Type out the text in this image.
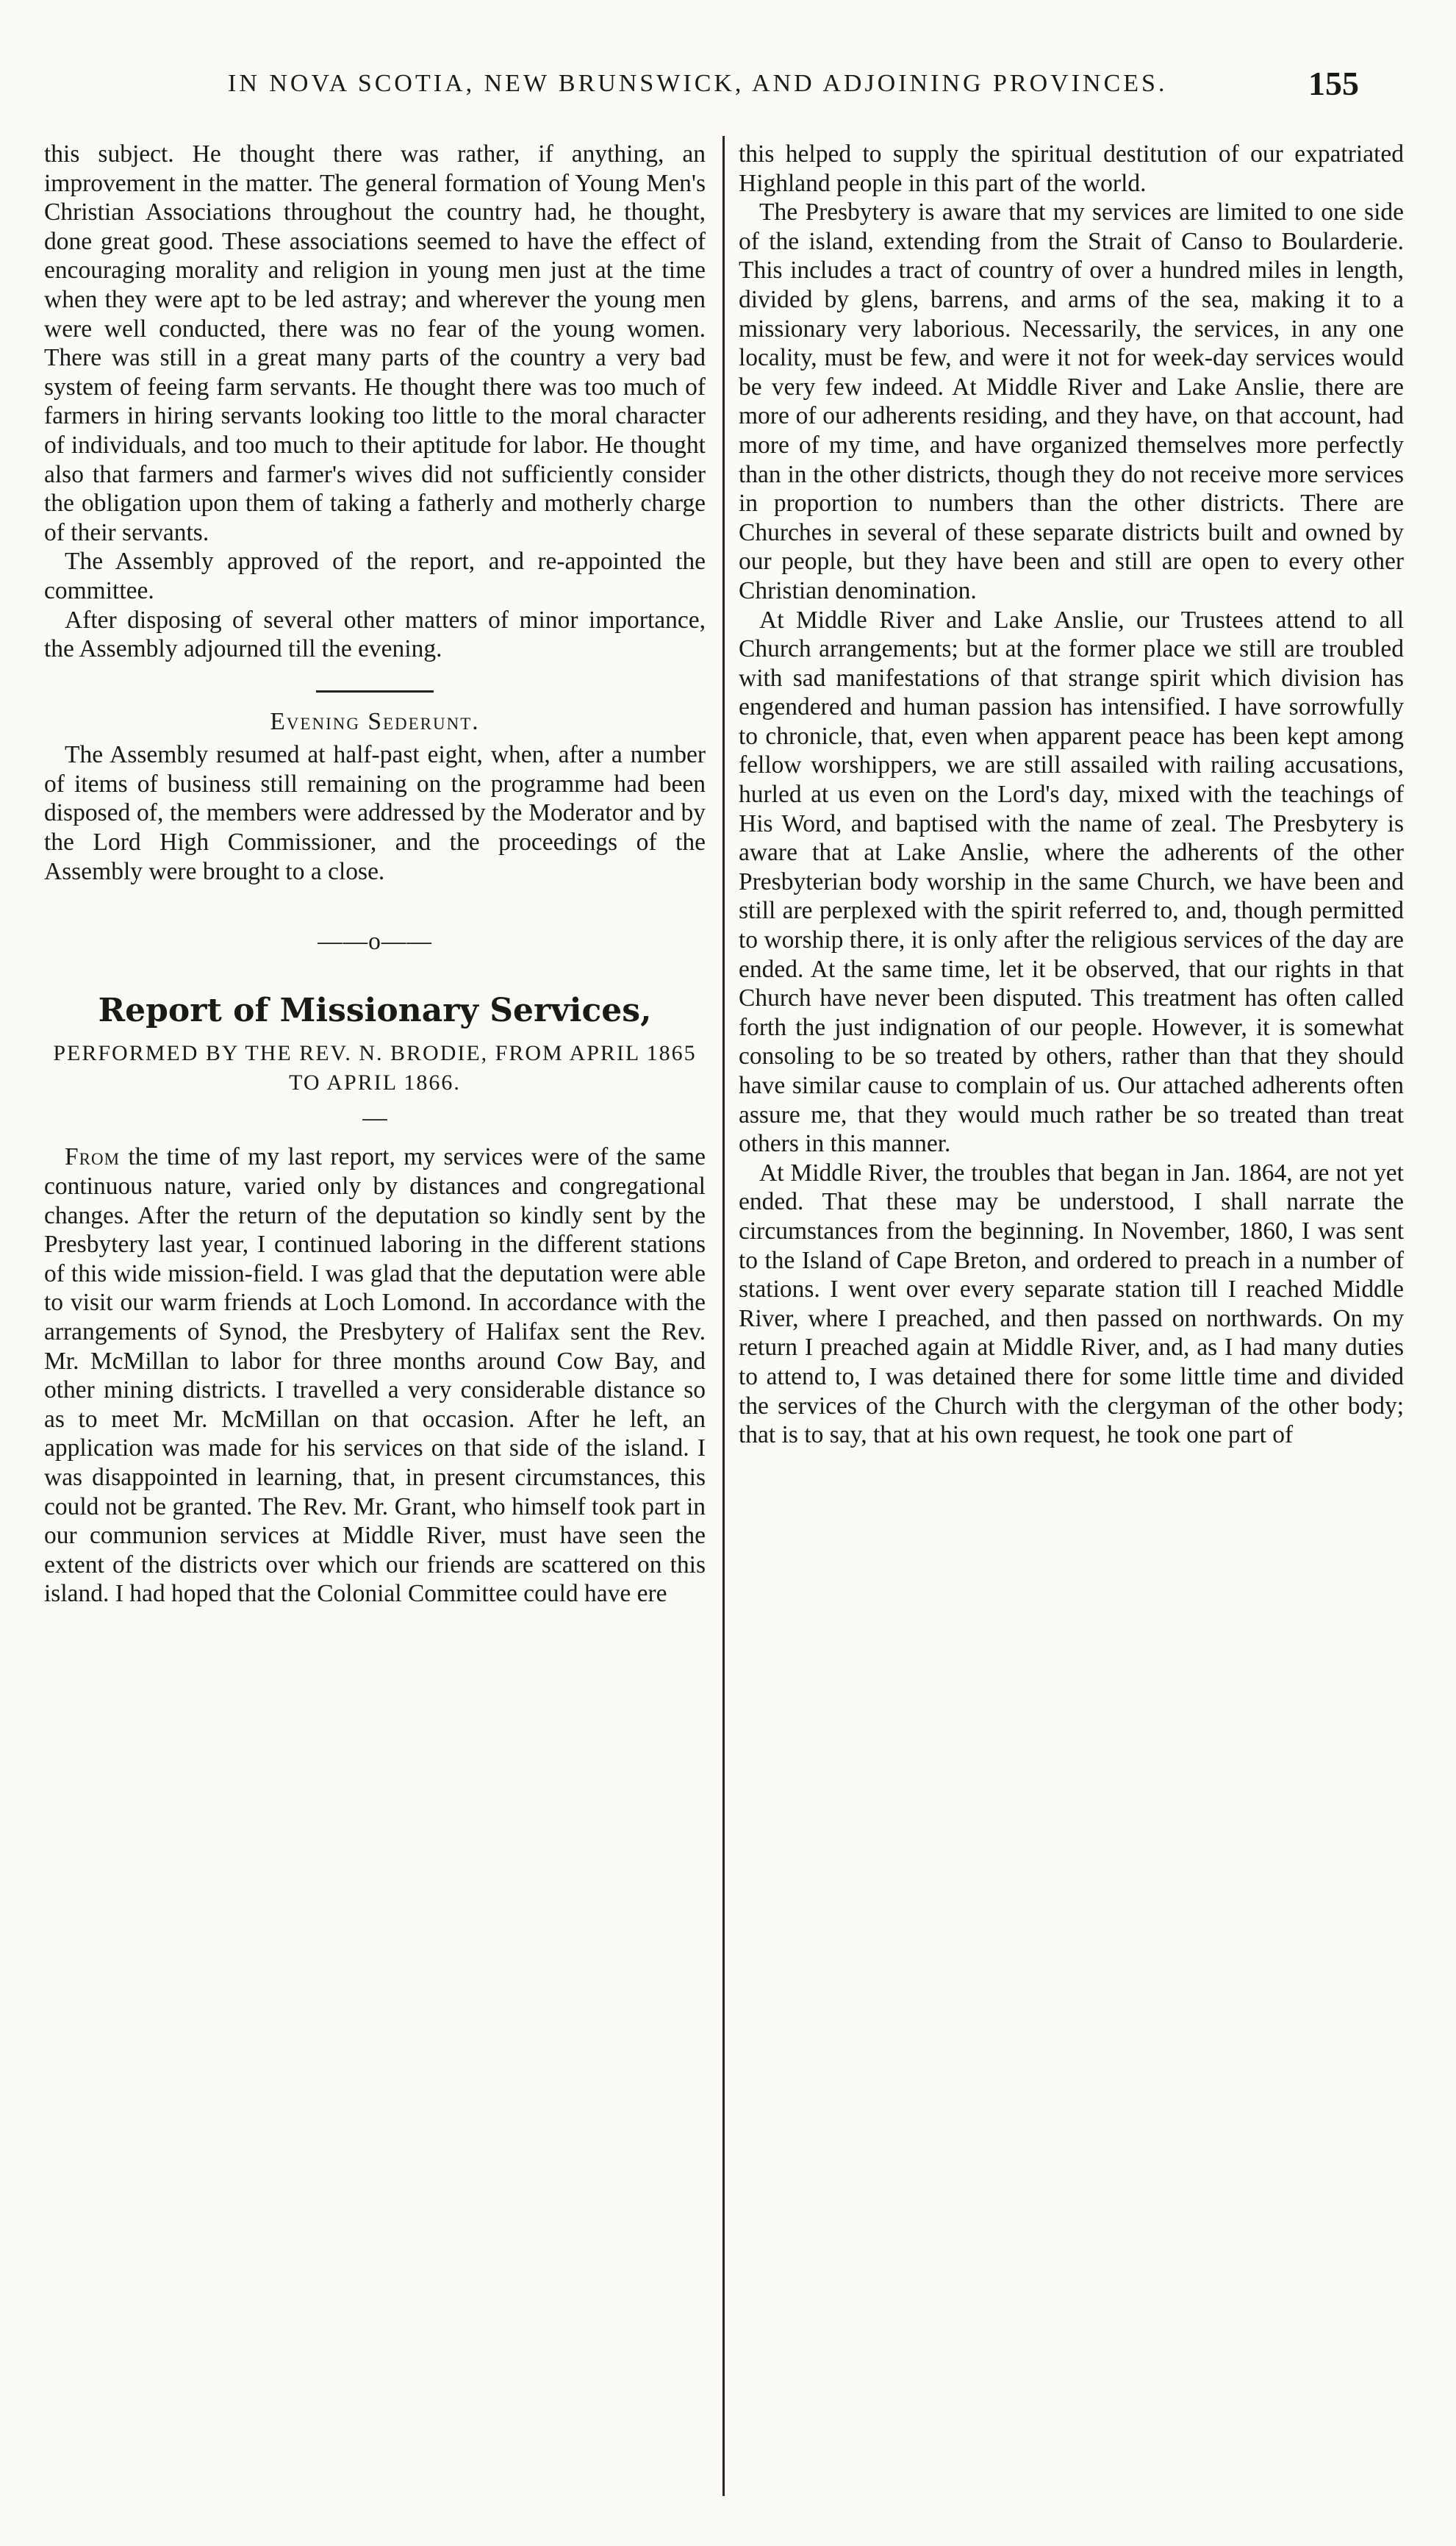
IN NOVA SCOTIA, NEW BRUNSWICK, AND ADJOINING PROVINCES.	155

this subject. He thought there was rather, if anything, an improvement in the matter. The general formation of Young Men's Christian Associations throughout the country had, he thought, done great good. These associations seemed to have the effect of encouraging morality and religion in young men just at the time when they were apt to be led astray; and wherever the young men were well conducted, there was no fear of the young women. There was still in a great many parts of the country a very bad system of feeing farm servants. He thought there was too much of farmers in hiring servants looking too little to the moral character of individuals, and too much to their aptitude for labor. He thought also that farmers and farmer's wives did not sufficiently consider the obligation upon them of taking a fatherly and motherly charge of their servants.

The Assembly approved of the report, and re-appointed the committee.

After disposing of several other matters of minor importance, the Assembly adjourned till the evening.

Evening Sederunt.

The Assembly resumed at half-past eight, when, after a number of items of business still remaining on the programme had been disposed of, the members were addressed by the Moderator and by the Lord High Commissioner, and the proceedings of the Assembly were brought to a close.

——o——
Report of Missionary Services,
PERFORMED BY THE REV. N. BRODIE, FROM APRIL 1865 TO APRIL 1866.
—

From the time of my last report, my services were of the same continuous nature, varied only by distances and congregational changes. After the return of the deputation so kindly sent by the Presbytery last year, I continued laboring in the different stations of this wide mission-field. I was glad that the deputation were able to visit our warm friends at Loch Lomond. In accordance with the arrangements of Synod, the Presbytery of Halifax sent the Rev. Mr. McMillan to labor for three months around Cow Bay, and other mining districts. I travelled a very considerable distance so as to meet Mr. McMillan on that occasion. After he left, an application was made for his services on that side of the island. I was disappointed in learning, that, in present circumstances, this could not be granted. The Rev. Mr. Grant, who himself took part in our communion services at Middle River, must have seen the extent of the districts over which our friends are scattered on this island. I had hoped that the Colonial Committee could have ere

this helped to supply the spiritual destitution of our expatriated Highland people in this part of the world.

The Presbytery is aware that my services are limited to one side of the island, extending from the Strait of Canso to Boularderie. This includes a tract of country of over a hundred miles in length, divided by glens, barrens, and arms of the sea, making it to a missionary very laborious. Necessarily, the services, in any one locality, must be few, and were it not for week-day services would be very few indeed. At Middle River and Lake Anslie, there are more of our adherents residing, and they have, on that account, had more of my time, and have organized themselves more perfectly than in the other districts, though they do not receive more services in proportion to numbers than the other districts. There are Churches in several of these separate districts built and owned by our people, but they have been and still are open to every other Christian denomination.

At Middle River and Lake Anslie, our Trustees attend to all Church arrangements; but at the former place we still are troubled with sad manifestations of that strange spirit which division has engendered and human passion has intensified. I have sorrowfully to chronicle, that, even when apparent peace has been kept among fellow worshippers, we are still assailed with railing accusations, hurled at us even on the Lord's day, mixed with the teachings of His Word, and baptised with the name of zeal. The Presbytery is aware that at Lake Anslie, where the adherents of the other Presbyterian body worship in the same Church, we have been and still are perplexed with the spirit referred to, and, though permitted to worship there, it is only after the religious services of the day are ended. At the same time, let it be observed, that our rights in that Church have never been disputed. This treatment has often called forth the just indignation of our people. However, it is somewhat consoling to be so treated by others, rather than that they should have similar cause to complain of us. Our attached adherents often assure me, that they would much rather be so treated than treat others in this manner.

At Middle River, the troubles that began in Jan. 1864, are not yet ended. That these may be understood, I shall narrate the circumstances from the beginning. In November, 1860, I was sent to the Island of Cape Breton, and ordered to preach in a number of stations. I went over every separate station till I reached Middle River, where I preached, and then passed on northwards. On my return I preached again at Middle River, and, as I had many duties to attend to, I was detained there for some little time and divided the services of the Church with the clergyman of the other body; that is to say, that at his own request, he took one part of
